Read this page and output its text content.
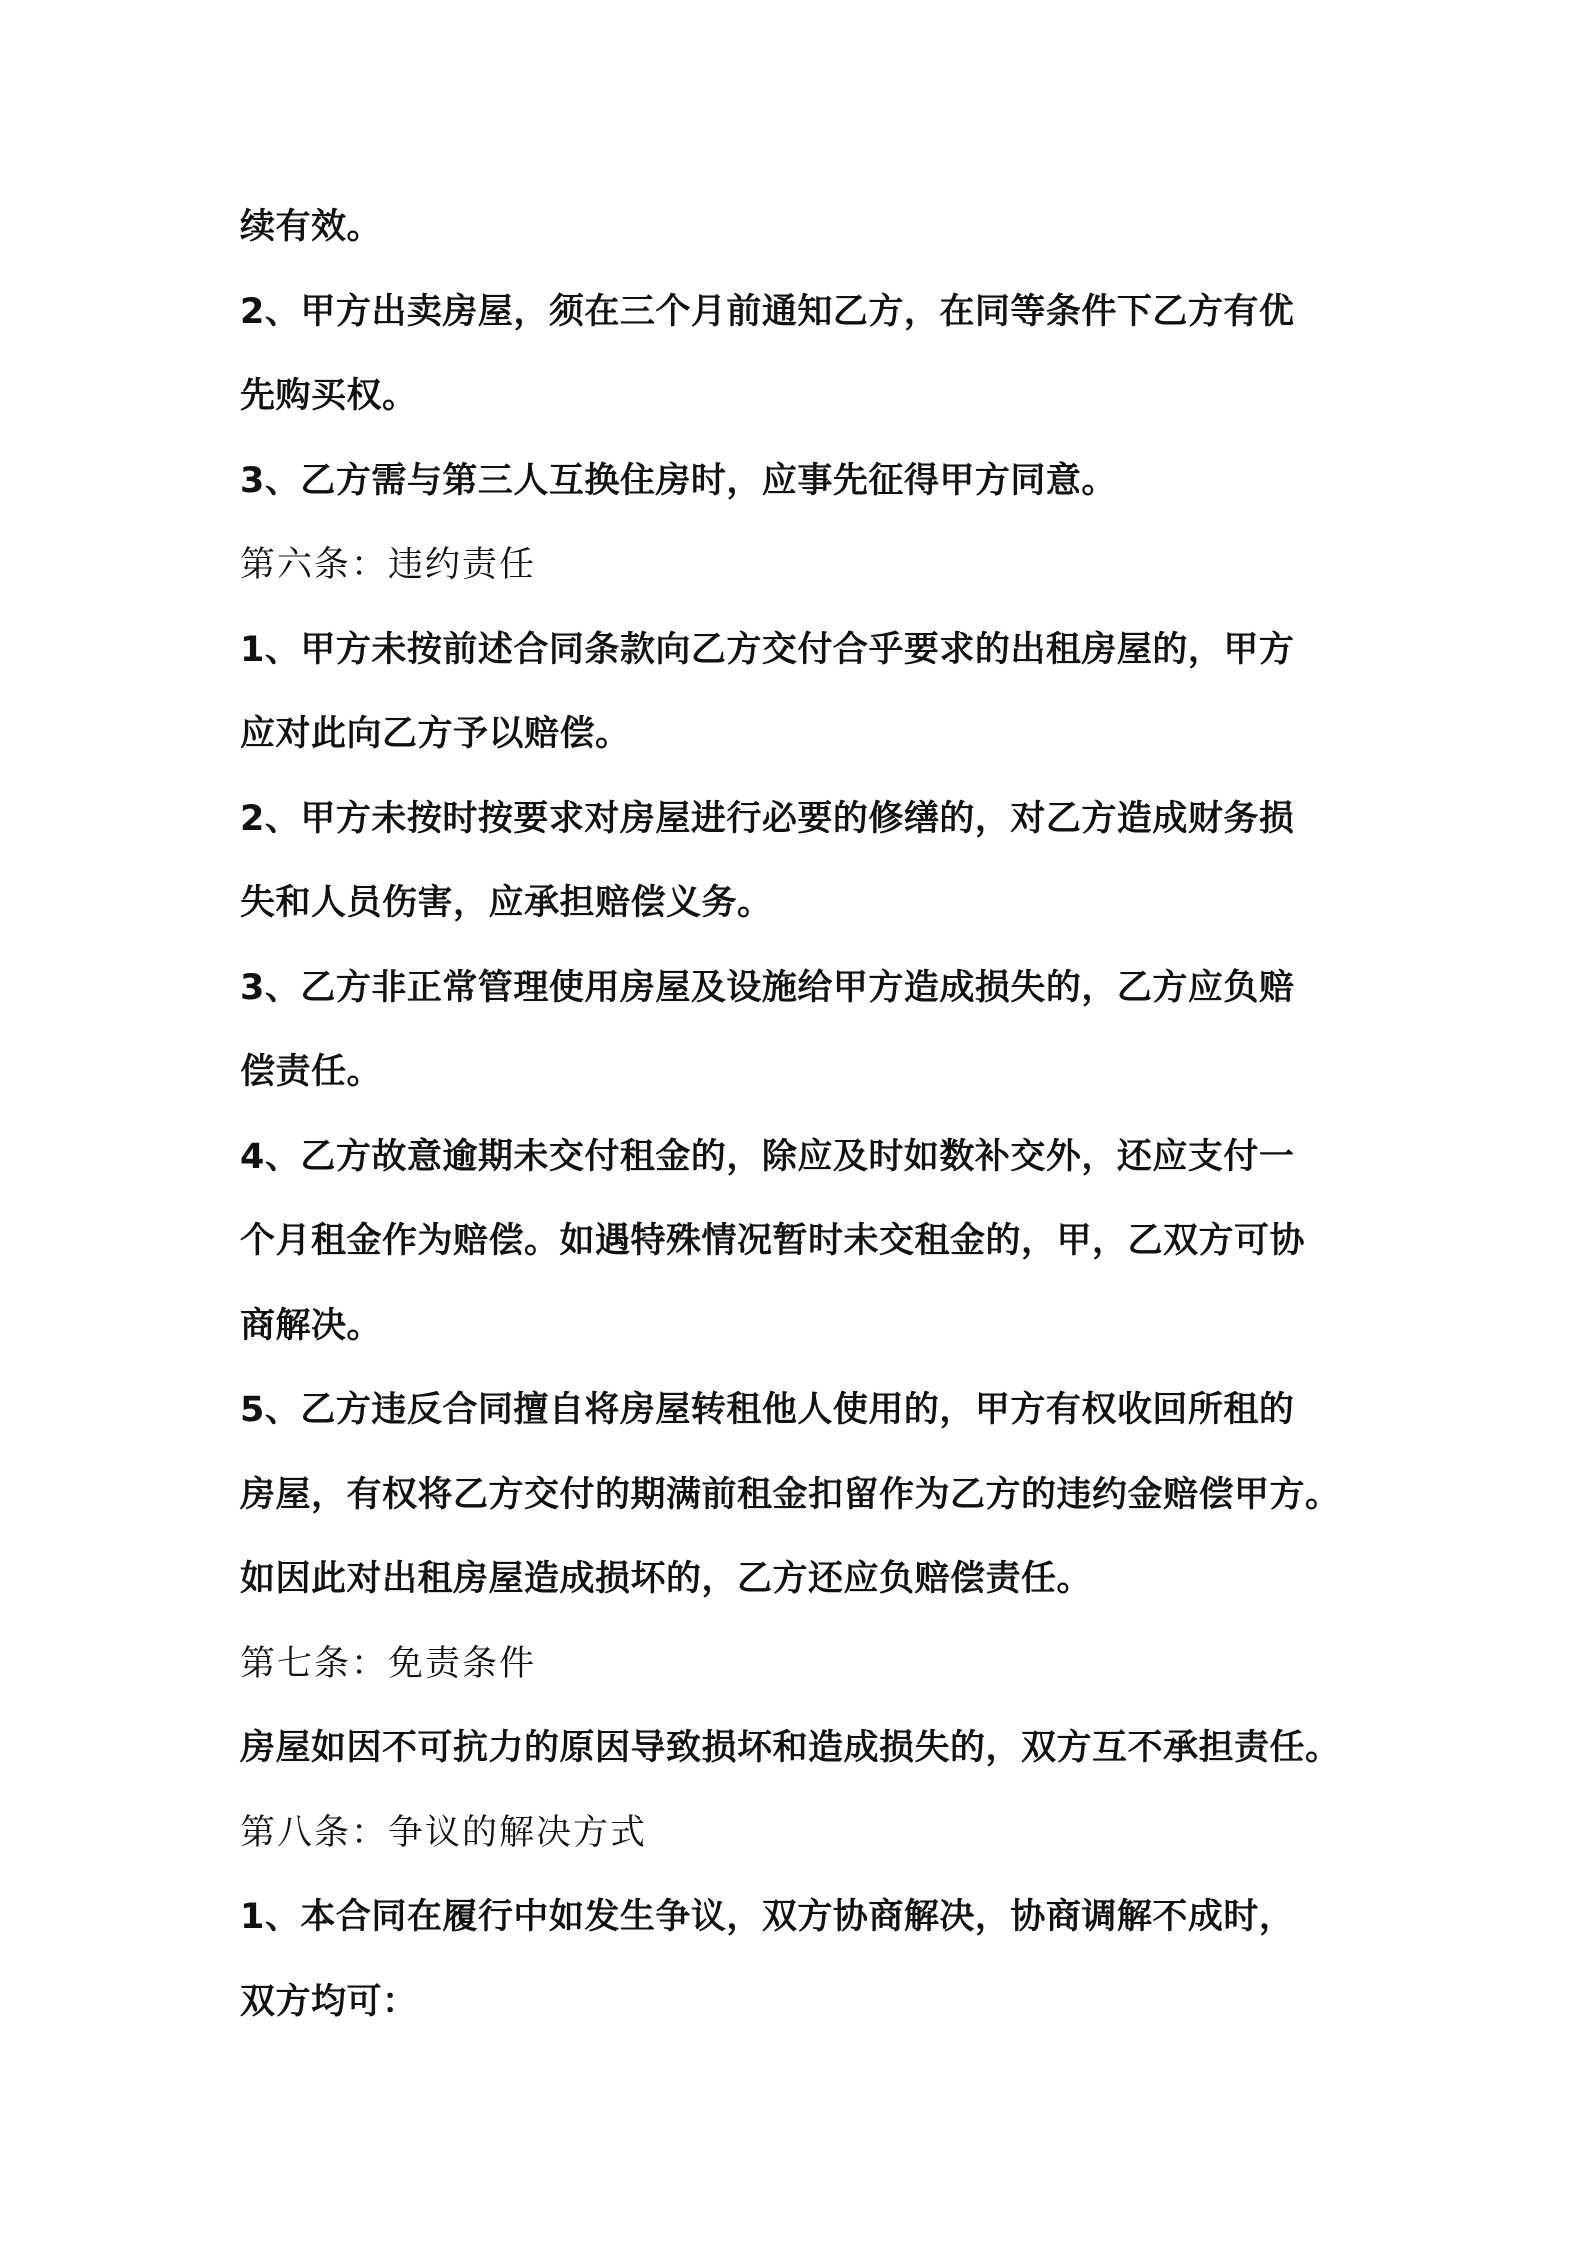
续有效。

2、甲方出卖房屋，须在三个月前通知乙方，在同等条件下乙方有优

先购买权。

3、乙方需与第三人互换住房时，应事先征得甲方同意。

第六条：违约责任

1、甲方未按前述合同条款向乙方交付合乎要求的出租房屋的，甲方

应对此向乙方予以赔偿。

2、甲方未按时按要求对房屋进行必要的修缮的，对乙方造成财务损

失和人员伤害，应承担赔偿义务。

3、乙方非正常管理使用房屋及设施给甲方造成损失的，乙方应负赔

偿责任。

4、乙方故意逾期未交付租金的，除应及时如数补交外，还应支付一

个月租金作为赔偿。如遇特殊情况暂时未交租金的，甲，乙双方可协

商解决。

5、乙方违反合同擅自将房屋转租他人使用的，甲方有权收回所租的

房屋，有权将乙方交付的期满前租金扣留作为乙方的违约金赔偿甲方。

如因此对出租房屋造成损坏的，乙方还应负赔偿责任。

第七条：免责条件

房屋如因不可抗力的原因导致损坏和造成损失的，双方互不承担责任。

第八条：争议的解决方式

1、本合同在履行中如发生争议，双方协商解决，协商调解不成时，

双方均可：
